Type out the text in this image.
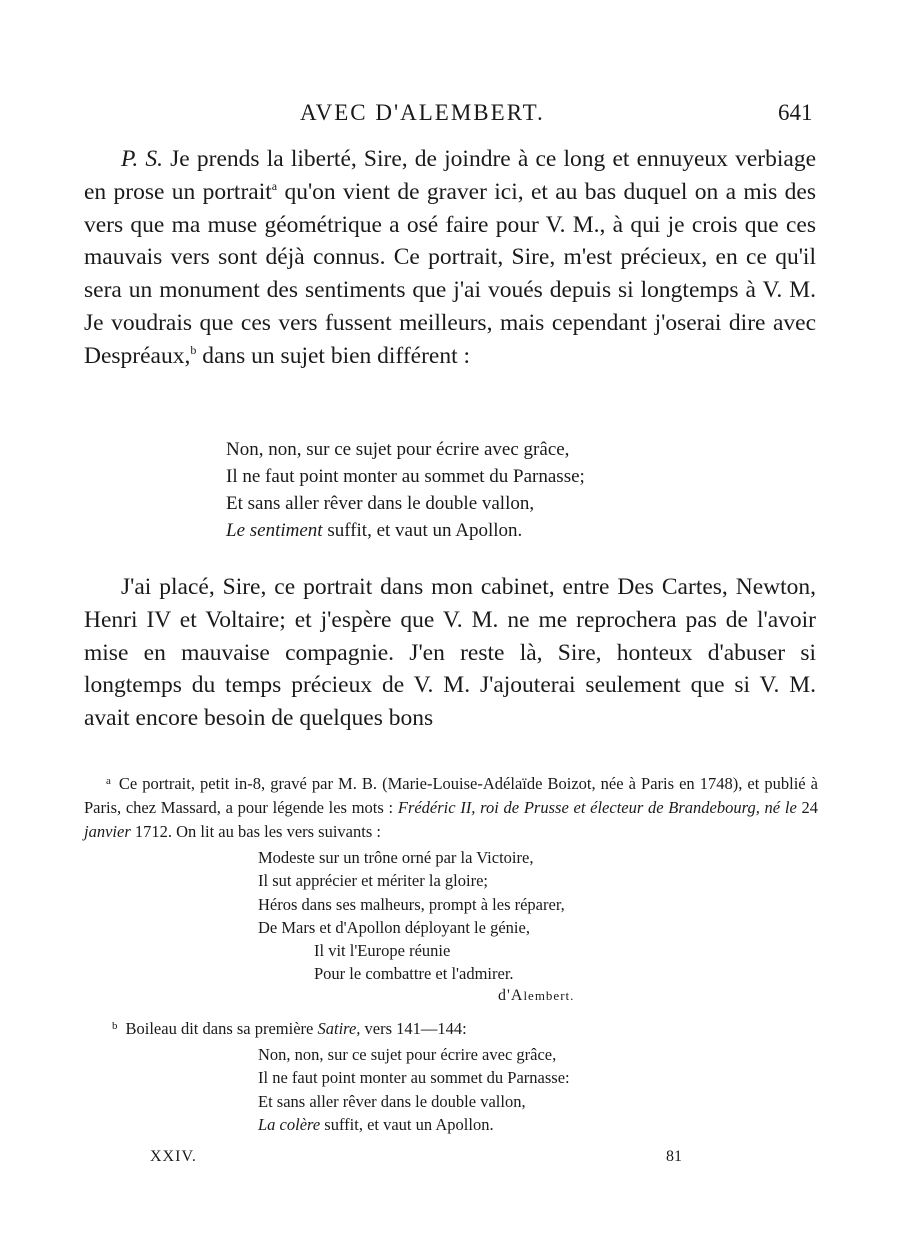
AVEC D'ALEMBERT.	641

P. S. Je prends la liberté, Sire, de joindre à ce long et ennuyeux verbiage en prose un portrait$^a$ qu'on vient de graver ici, et au bas duquel on a mis des vers que ma muse géométrique a osé faire pour V. M., à qui je crois que ces mauvais vers sont déjà connus. Ce portrait, Sire, m'est précieux, en ce qu'il sera un monument des sentiments que j'ai voués depuis si longtemps à V. M. Je voudrais que ces vers fussent meilleurs, mais cependant j'oserai dire avec Despréaux,$^b$ dans un sujet bien différent :

Non, non, sur ce sujet pour écrire avec grâce,
Il ne faut point monter au sommet du Parnasse;
Et sans aller rêver dans le double vallon,
Le sentiment suffit, et vaut un Apollon.

J'ai placé, Sire, ce portrait dans mon cabinet, entre Des Cartes, Newton, Henri IV et Voltaire; et j'espère que V. M. ne me reprochera pas de l'avoir mise en mauvaise compagnie. J'en reste là, Sire, honteux d'abuser si longtemps du temps précieux de V. M. J'ajouterai seulement que si V. M. avait encore besoin de quelques bons

$^a$ Ce portrait, petit in-8, gravé par M. B. (Marie-Louise-Adélaïde Boizot, née à Paris en 1748), et publié à Paris, chez Massard, a pour légende les mots : Frédéric II, roi de Prusse et électeur de Brandebourg, né le 24 janvier 1712. On lit au bas les vers suivants :
Modeste sur un trône orné par la Victoire,
Il sut apprécier et mériter la gloire;
Héros dans ses malheurs, prompt à les réparer,
De Mars et d'Apollon déployant le génie,
Il vit l'Europe réunie
Pour le combattre et l'admirer.
d'Alembert.
$^b$ Boileau dit dans sa première Satire, vers 141—144:
Non, non, sur ce sujet pour écrire avec grâce,
Il ne faut point monter au sommet du Parnasse:
Et sans aller rêver dans le double vallon,
La colère suffit, et vaut un Apollon.
XXIV.	81
